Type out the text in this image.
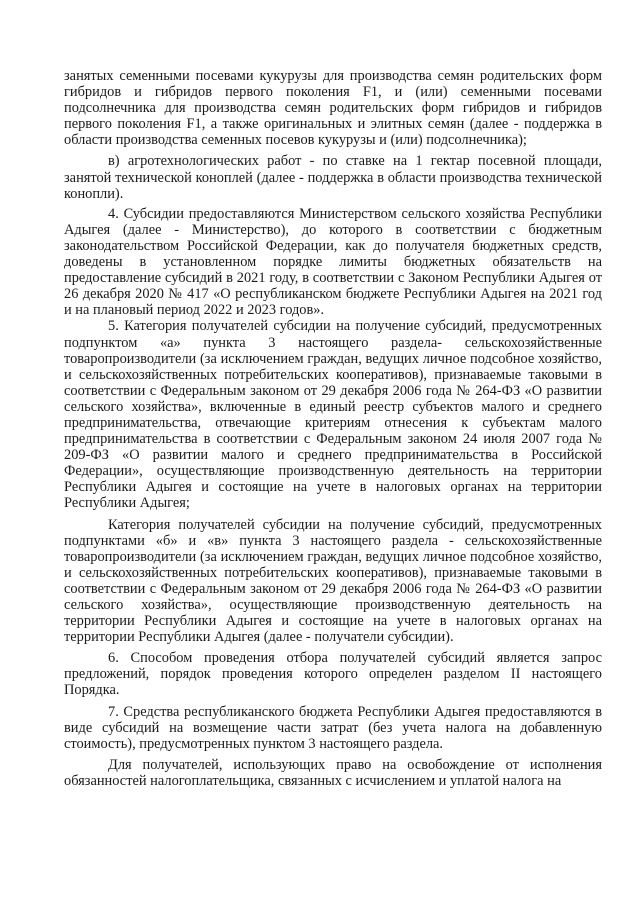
занятых семенными посевами кукурузы для производства семян родительских форм гибридов и гибридов первого поколения F1, и (или) семенными посевами подсолнечника для производства семян родительских форм гибридов и гибридов первого поколения F1, а также оригинальных и элитных семян (далее - поддержка в области производства семенных посевов кукурузы и (или) подсолнечника);

в) агротехнологических работ - по ставке на 1 гектар посевной площади, занятой технической коноплей (далее - поддержка в области производства технической конопли).

4. Субсидии предоставляются Министерством сельского хозяйства Республики Адыгея (далее - Министерство), до которого в соответствии с бюджетным законодательством Российской Федерации, как до получателя бюджетных средств, доведены в установленном порядке лимиты бюджетных обязательств на предоставление субсидий в 2021 году, в соответствии с Законом Республики Адыгея от 26 декабря 2020 № 417 «О республиканском бюджете Республики Адыгея на 2021 год и на плановый период 2022 и 2023 годов».

5. Категория получателей субсидии на получение субсидий, предусмотренных подпунктом «а» пункта 3 настоящего раздела- сельскохозяйственные товаропроизводители (за исключением граждан, ведущих личное подсобное хозяйство, и сельскохозяйственных потребительских кооперативов), признаваемые таковыми в соответствии с Федеральным законом от 29 декабря 2006 года № 264-ФЗ «О развитии сельского хозяйства», включенные в единый реестр субъектов малого и среднего предпринимательства, отвечающие критериям отнесения к субъектам малого предпринимательства в соответствии с Федеральным законом 24 июля 2007 года № 209-ФЗ «О развитии малого и среднего предпринимательства в Российской Федерации», осуществляющие производственную деятельность на территории Республики Адыгея и состоящие на учете в налоговых органах на территории Республики Адыгея;

Категория получателей субсидии на получение субсидий, предусмотренных подпунктами «б» и «в» пункта 3 настоящего раздела - сельскохозяйственные товаропроизводители (за исключением граждан, ведущих личное подсобное хозяйство, и сельскохозяйственных потребительских кооперативов), признаваемые таковыми в соответствии с Федеральным законом от 29 декабря 2006 года № 264-ФЗ «О развитии сельского хозяйства», осуществляющие производственную деятельность на территории Республики Адыгея и состоящие на учете в налоговых органах на территории Республики Адыгея (далее - получатели субсидии).

6. Способом проведения отбора получателей субсидий является запрос предложений, порядок проведения которого определен разделом II настоящего Порядка.

7. Средства республиканского бюджета Республики Адыгея предоставляются в виде субсидий на возмещение части затрат (без учета налога на добавленную стоимость), предусмотренных пунктом 3 настоящего раздела.

Для получателей, использующих право на освобождение от исполнения обязанностей налогоплательщика, связанных с исчислением и уплатой налога на
